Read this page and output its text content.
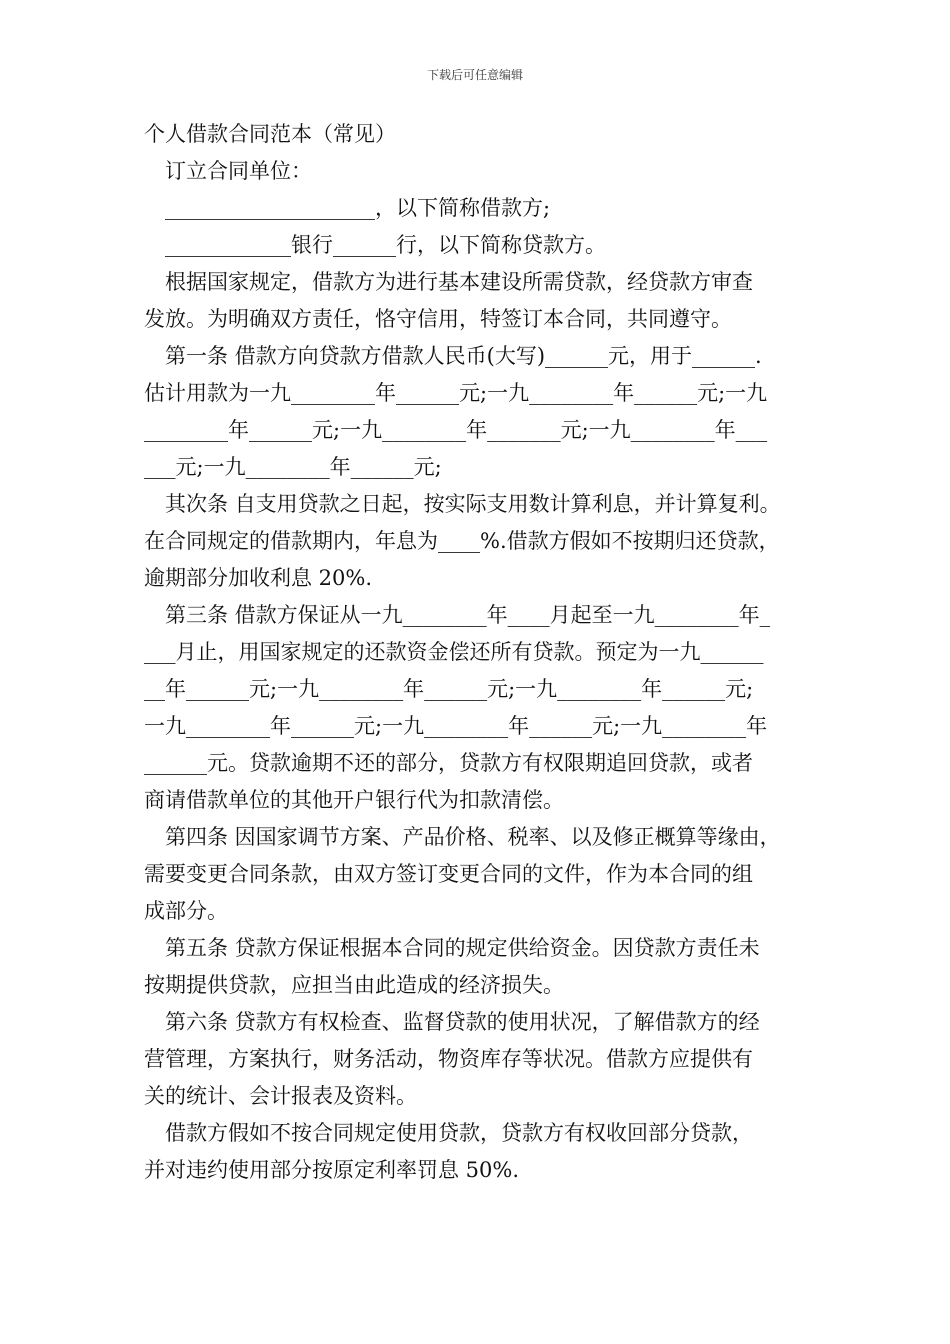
下载后可任意编辑
个人借款合同范本（常见）
订立合同单位：
____________________，以下简称借款方;
____________银行______行，以下简称贷款方。
根据国家规定，借款方为进行基本建设所需贷款，经贷款方审查
发放。为明确双方责任，恪守信用，特签订本合同，共同遵守。
第一条 借款方向贷款方借款人民币(大写)______元，用于______.
估计用款为一九________年______元;一九________年______元;一九
________年______元;一九________年_______元;一九________年___
___元;一九________年______元;
其次条 自支用贷款之日起，按实际支用数计算利息，并计算复利。
在合同规定的借款期内，年息为____%.借款方假如不按期归还贷款，
逾期部分加收利息 20%.
第三条 借款方保证从一九________年____月起至一九________年_
___月止，用国家规定的还款资金偿还所有贷款。预定为一九______
__年______元;一九________年______元;一九________年______元;
一九________年______元;一九________年______元;一九________年
______元。贷款逾期不还的部分，贷款方有权限期追回贷款，或者
商请借款单位的其他开户银行代为扣款清偿。
第四条 因国家调节方案、产品价格、税率、以及修正概算等缘由，
需要变更合同条款，由双方签订变更合同的文件，作为本合同的组
成部分。
第五条 贷款方保证根据本合同的规定供给资金。因贷款方责任未
按期提供贷款，应担当由此造成的经济损失。
第六条 贷款方有权检查、监督贷款的使用状况，了解借款方的经
营管理，方案执行，财务活动，物资库存等状况。借款方应提供有
关的统计、会计报表及资料。
借款方假如不按合同规定使用贷款，贷款方有权收回部分贷款，
并对违约使用部分按原定利率罚息 50%.
